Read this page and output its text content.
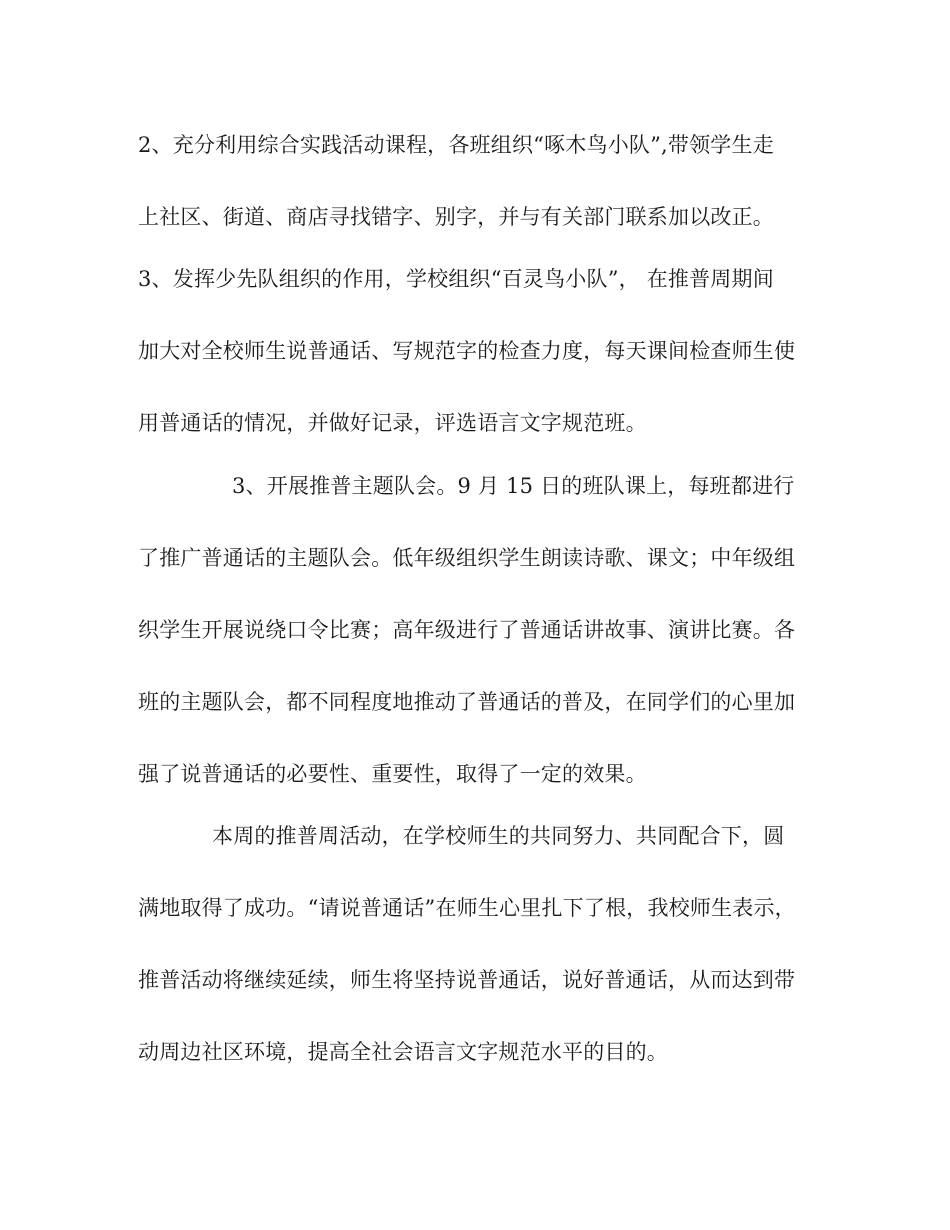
2、充分利用综合实践活动课程，各班组织“啄木鸟小队”,带领学生走
上社区、街道、商店寻找错字、别字，并与有关部门联系加以改正。
3、发挥少先队组织的作用，学校组织“百灵鸟小队”， 在推普周期间
加大对全校师生说普通话、写规范字的检查力度，每天课间检查师生使
用普通话的情况，并做好记录，评选语言文字规范班。
3、开展推普主题队会。9 月 15 日的班队课上，每班都进行
了推广普通话的主题队会。低年级组织学生朗读诗歌、课文；中年级组
织学生开展说绕口令比赛；高年级进行了普通话讲故事、演讲比赛。各
班的主题队会，都不同程度地推动了普通话的普及，在同学们的心里加
强了说普通话的必要性、重要性，取得了一定的效果。
本周的推普周活动，在学校师生的共同努力、共同配合下，圆
满地取得了成功。“请说普通话”在师生心里扎下了根，我校师生表示，
推普活动将继续延续，师生将坚持说普通话，说好普通话，从而达到带
动周边社区环境，提高全社会语言文字规范水平的目的。
